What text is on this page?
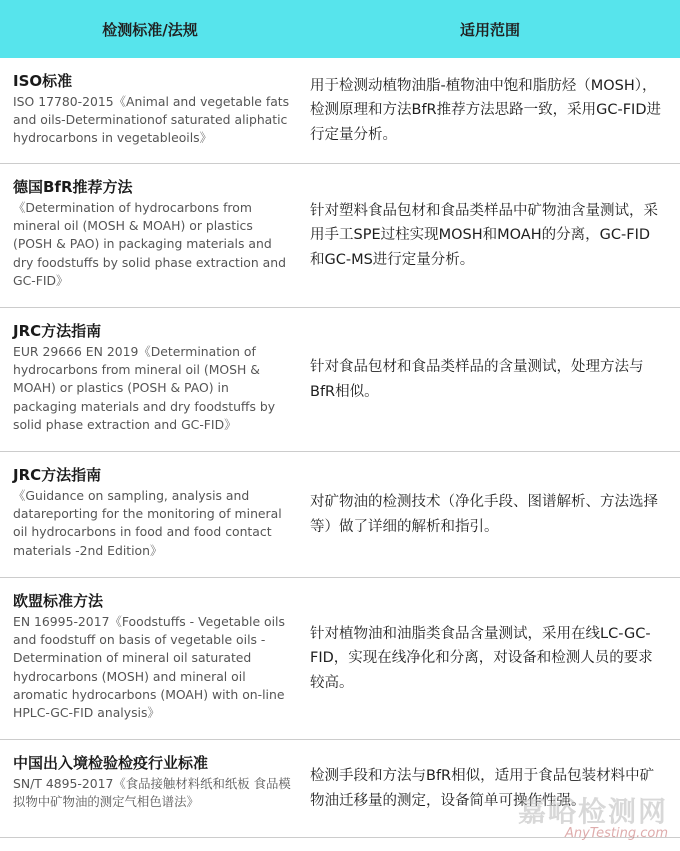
检测标准/法规	适用范围
ISO标准
ISO 17780-2015《Animal and vegetable fats and oils-Determinationof saturated aliphatic hydrocarbons in vegetableoils》
用于检测动植物油脂-植物油中饱和脂肪烃（MOSH），检测原理和方法BfR推荐方法思路一致，采用GC-FID进行定量分析。
德国BfR推荐方法
《Determination of hydrocarbons from mineral oil (MOSH & MOAH) or plastics (POSH & PAO) in packaging materials and dry foodstuffs by solid phase extraction and GC-FID》
针对塑料食品包材和食品类样品中矿物油含量测试，采用手工SPE过柱实现MOSH和MOAH的分离，GC-FID和GC-MS进行定量分析。
JRC方法指南
EUR 29666 EN 2019《Determination of hydrocarbons from mineral oil (MOSH & MOAH) or plastics (POSH & PAO) in packaging materials and dry foodstuffs by solid phase extraction and GC-FID》
针对食品包材和食品类样品的含量测试，处理方法与BfR相似。
JRC方法指南
《Guidance on sampling, analysis and datareporting for the monitoring of mineral oil hydrocarbons in food and food contact materials -2nd Edition》
对矿物油的检测技术（净化手段、图谱解析、方法选择等）做了详细的解析和指引。
欧盟标准方法
EN 16995-2017《Foodstuffs - Vegetable oils and foodstuff on basis of vegetable oils - Determination of mineral oil saturated hydrocarbons (MOSH) and mineral oil aromatic hydrocarbons (MOAH) with on-line HPLC-GC-FID analysis》
针对植物油和油脂类食品含量测试，采用在线LC-GC-FID，实现在线净化和分离，对设备和检测人员的要求较高。
中国出入境检验检疫行业标准
SN/T 4895-2017《食品接触材料纸和纸板 食品模拟物中矿物油的测定气相色谱法》
检测手段和方法与BfR相似，适用于食品包装材料中矿物油迁移量的测定，设备简单可操作性强。
嘉峪检测网
AnyTesting.com
